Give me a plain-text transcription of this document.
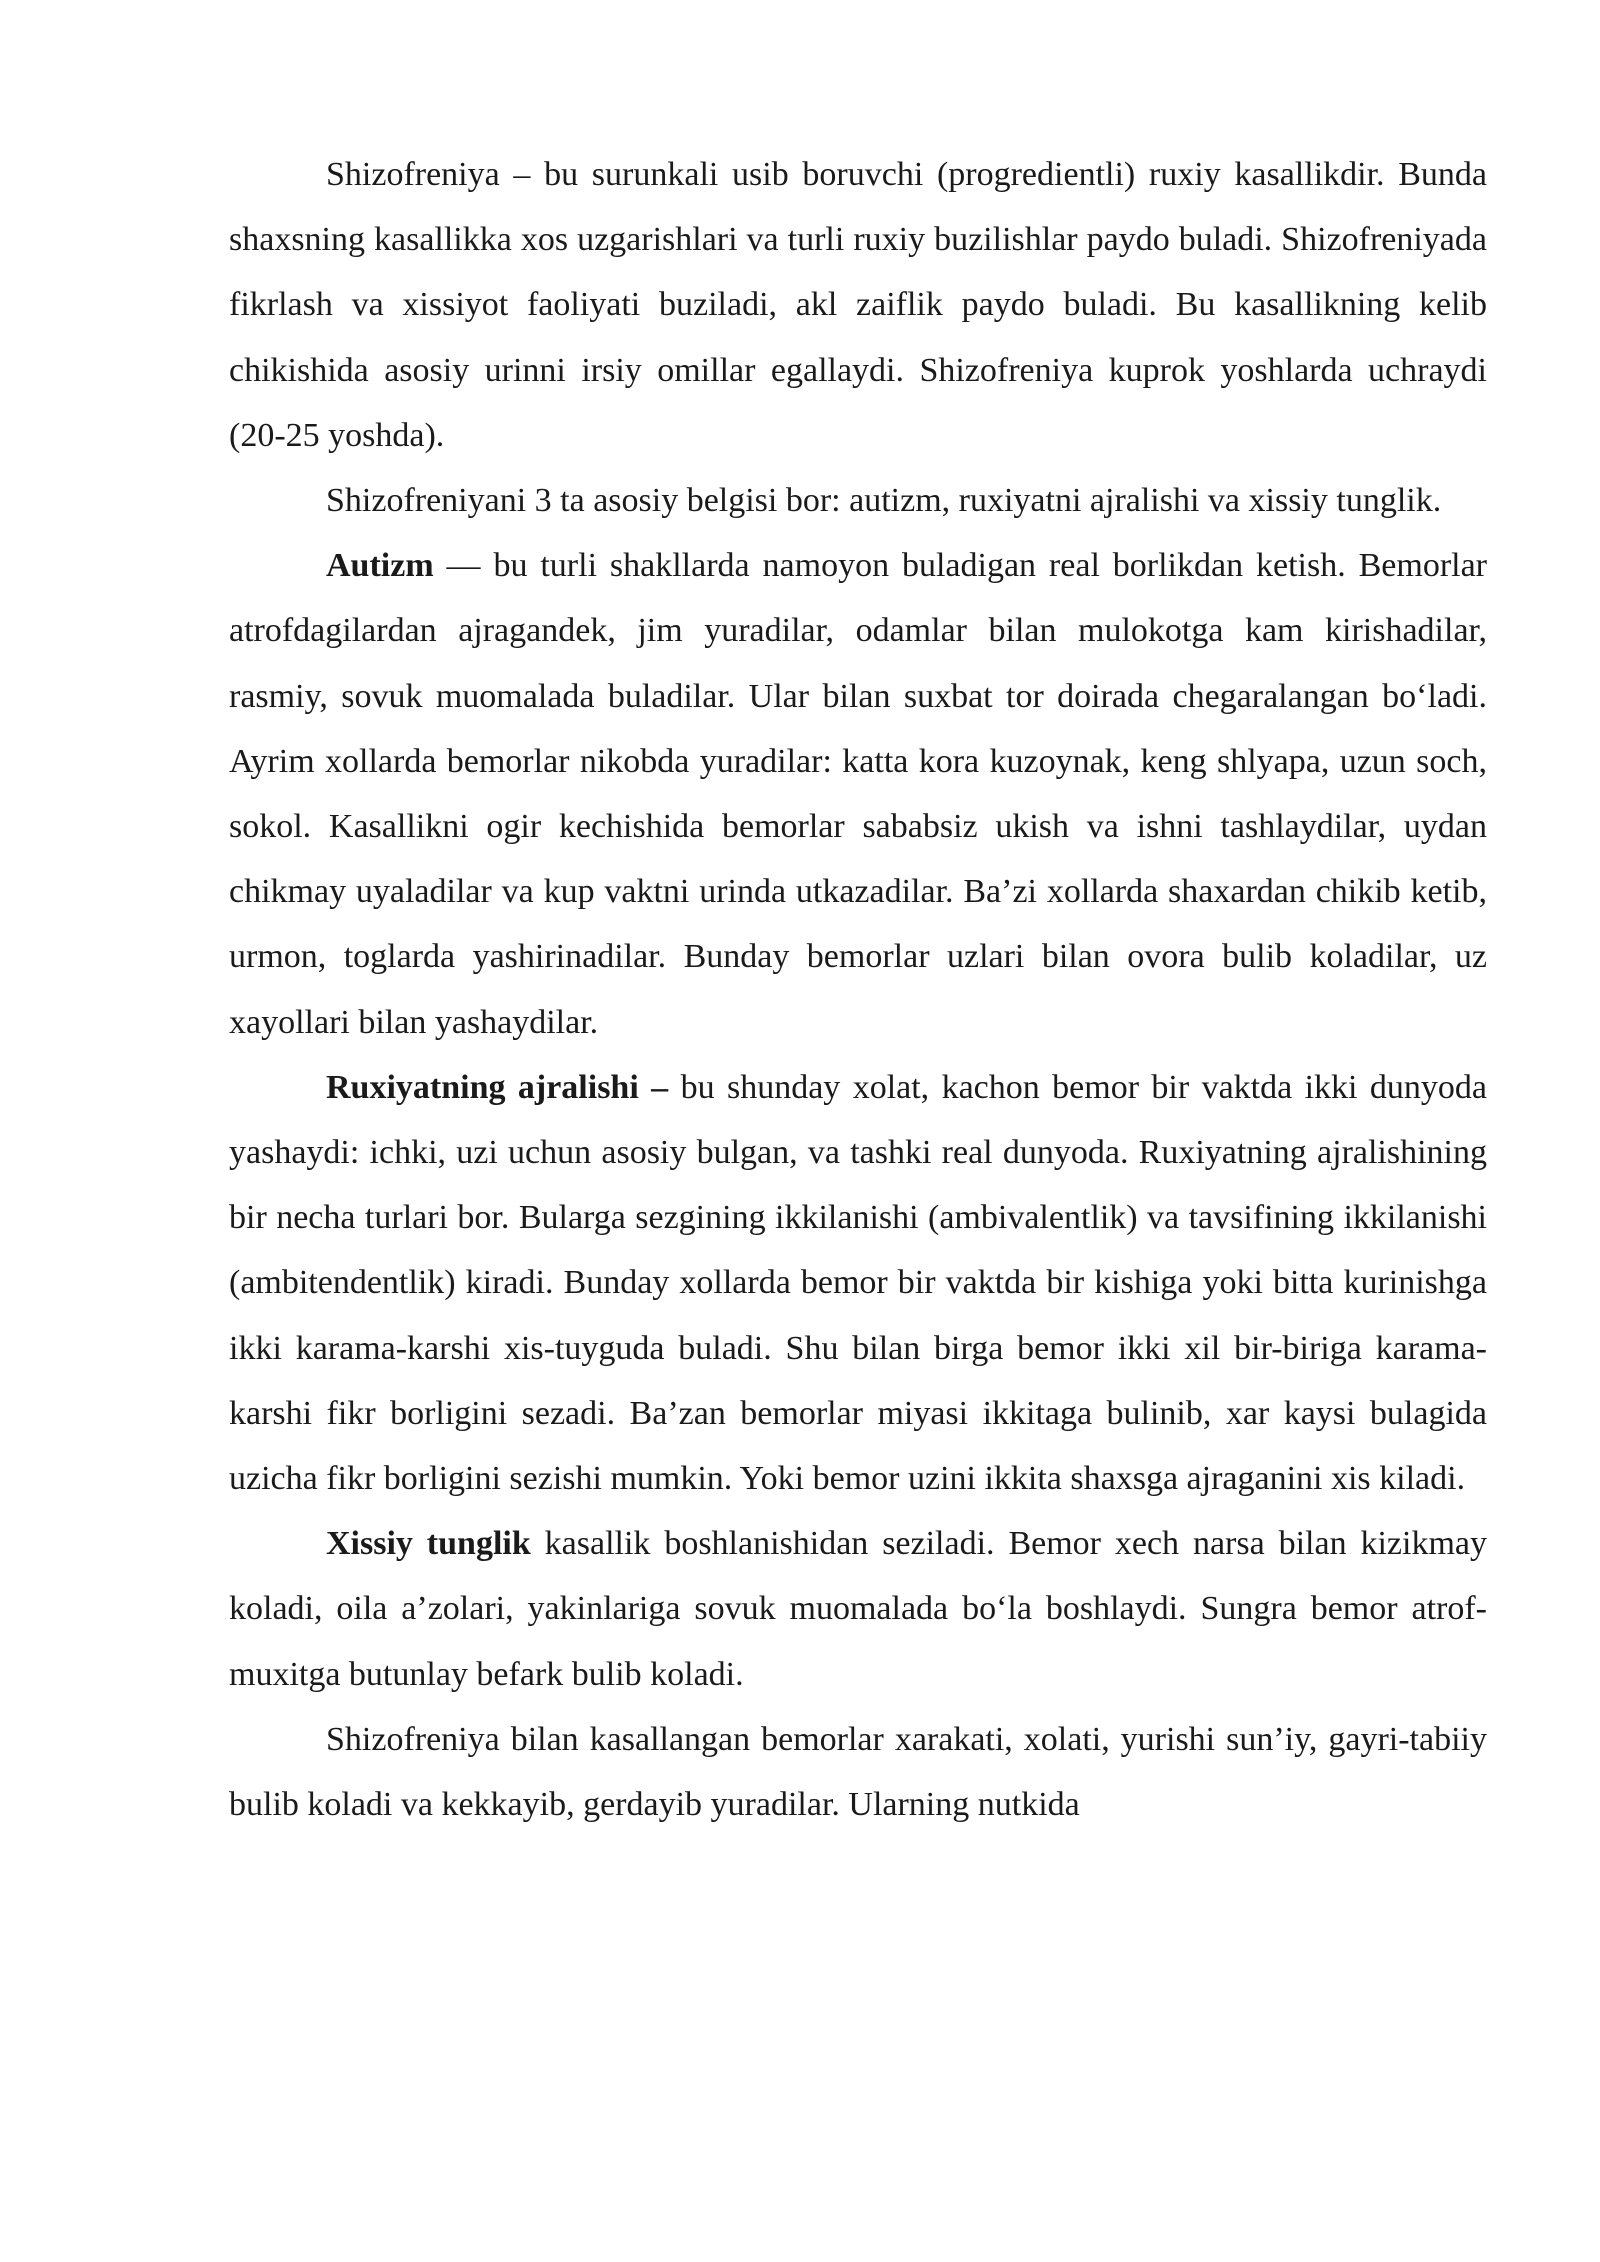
Shizofreniya – bu surunkali usib boruvchi (progredientli) ruxiy kasallikdir. Bunda shaxsning kasallikka xos uzgarishlari va turli ruxiy buzilishlar paydo buladi. Shizofreniyada fikrlash va xissiyot faoliyati buziladi, akl zaiflik paydo buladi. Bu kasallikning kelib chikishida asosiy urinni irsiy omillar egallaydi. Shizofreniya kuprok yoshlarda uchraydi (20-25 yoshda).

Shizofreniyani 3 ta asosiy belgisi bor: autizm, ruxiyatni ajralishi va xissiy tunglik.

Autizm — bu turli shakllarda namoyon buladigan real borlikdan ketish. Bemorlar atrofdagilardan ajragandek, jim yuradilar, odamlar bilan mulokotga kam kirishadilar, rasmiy, sovuk muomalada buladilar. Ular bilan suxbat tor doirada chegaralangan bo‘ladi. Ayrim xollarda bemorlar nikobda yuradilar: katta kora kuzoynak, keng shlyapa, uzun soch, sokol. Kasallikni ogir kechishida bemorlar sababsiz ukish va ishni tashlaydilar, uydan chikmay uyaladilar va kup vaktni urinda utkazadilar. Ba’zi xollarda shaxardan chikib ketib, urmon, toglarda yashirinadilar. Bunday bemorlar uzlari bilan ovora bulib koladilar, uz xayollari bilan yashaydilar.

Ruxiyatning ajralishi – bu shunday xolat, kachon bemor bir vaktda ikki dunyoda yashaydi: ichki, uzi uchun asosiy bulgan, va tashki real dunyoda. Ruxiyatning ajralishining bir necha turlari bor. Bularga sezgining ikkilanishi (ambivalentlik) va tavsifining ikkilanishi (ambitendentlik) kiradi. Bunday xollarda bemor bir vaktda bir kishiga yoki bitta kurinishga ikki karama-karshi xis-tuyguda buladi. Shu bilan birga bemor ikki xil bir-biriga karama-karshi fikr borligini sezadi. Ba’zan bemorlar miyasi ikkitaga bulinib, xar kaysi bulagida uzicha fikr borligini sezishi mumkin. Yoki bemor uzini ikkita shaxsga ajraganini xis kiladi.

Xissiy tunglik kasallik boshlanishidan seziladi. Bemor xech narsa bilan kizikmay koladi, oila a’zolari, yakinlariga sovuk muomalada bo‘la boshlaydi. Sungra bemor atrof-muxitga butunlay befark bulib koladi.

Shizofreniya bilan kasallangan bemorlar xarakati, xolati, yurishi sun’iy, gayri-tabiiy bulib koladi va kekkayib, gerdayib yuradilar. Ularning nutkida
